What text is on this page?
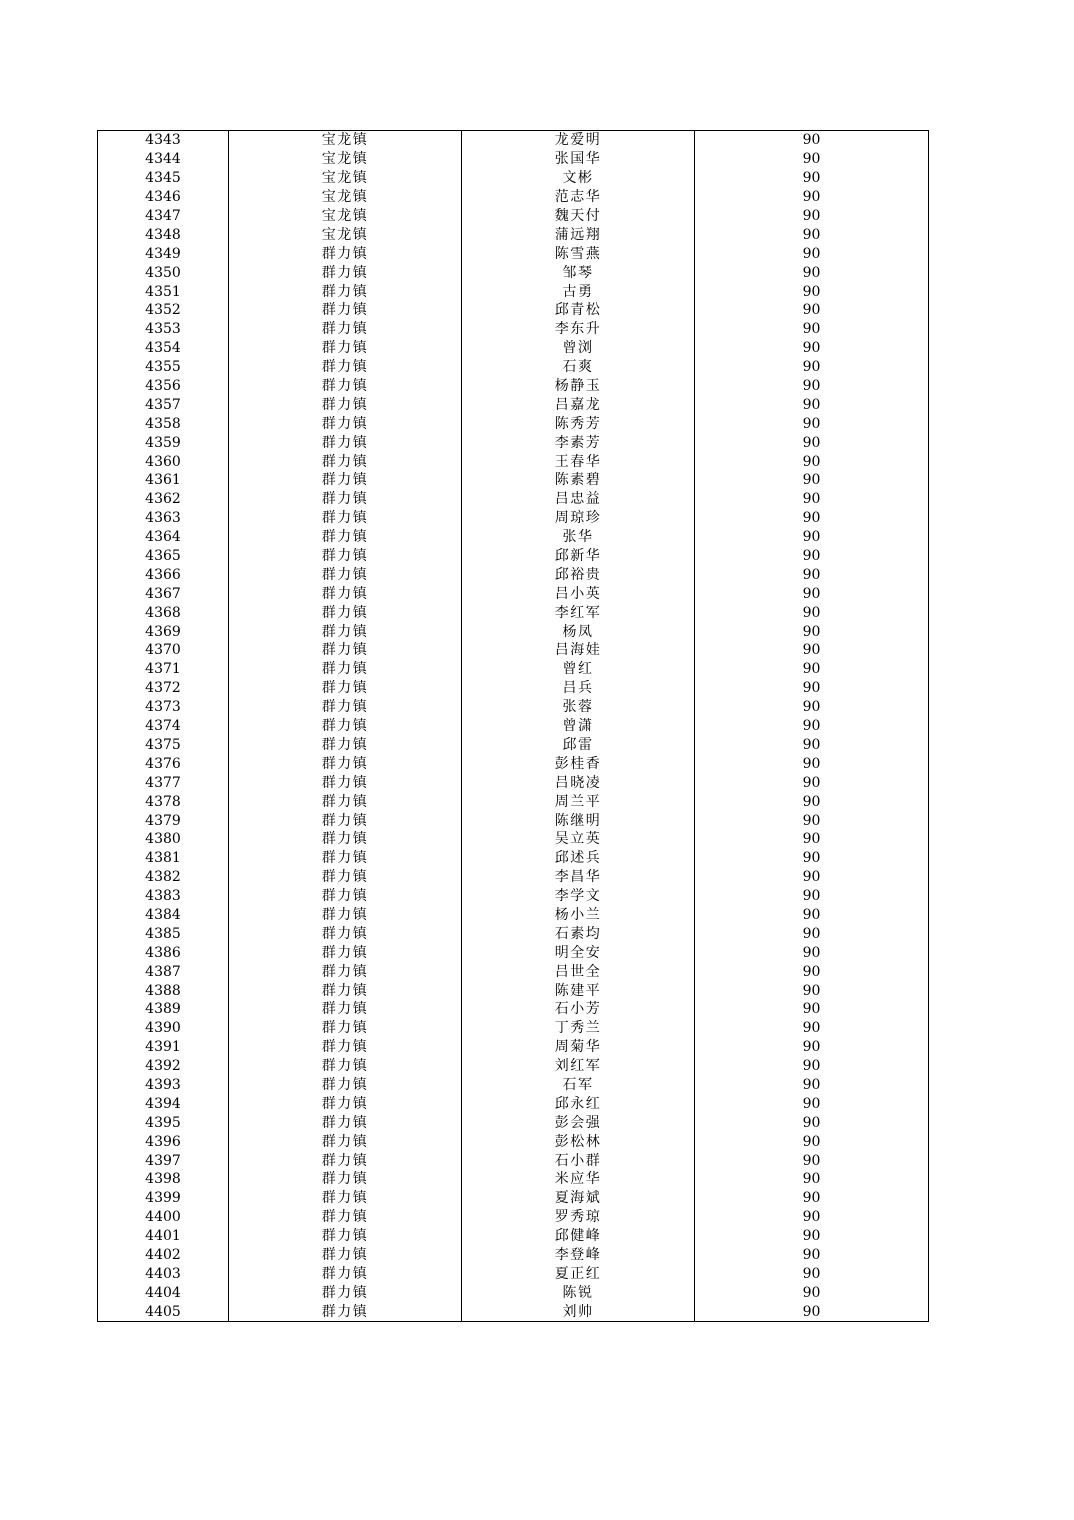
4343	宝龙镇	龙爱明	90
4344	宝龙镇	张国华	90
4345	宝龙镇	文彬	90
4346	宝龙镇	范志华	90
4347	宝龙镇	魏天付	90
4348	宝龙镇	蒲远翔	90
4349	群力镇	陈雪燕	90
4350	群力镇	邹琴	90
4351	群力镇	古勇	90
4352	群力镇	邱青松	90
4353	群力镇	李东升	90
4354	群力镇	曾浏	90
4355	群力镇	石爽	90
4356	群力镇	杨静玉	90
4357	群力镇	吕嘉龙	90
4358	群力镇	陈秀芳	90
4359	群力镇	李素芳	90
4360	群力镇	王春华	90
4361	群力镇	陈素碧	90
4362	群力镇	吕忠益	90
4363	群力镇	周琼珍	90
4364	群力镇	张华	90
4365	群力镇	邱新华	90
4366	群力镇	邱裕贵	90
4367	群力镇	吕小英	90
4368	群力镇	李红军	90
4369	群力镇	杨凤	90
4370	群力镇	吕海娃	90
4371	群力镇	曾红	90
4372	群力镇	吕兵	90
4373	群力镇	张蓉	90
4374	群力镇	曾潇	90
4375	群力镇	邱雷	90
4376	群力镇	彭桂香	90
4377	群力镇	吕晓凌	90
4378	群力镇	周兰平	90
4379	群力镇	陈继明	90
4380	群力镇	吴立英	90
4381	群力镇	邱述兵	90
4382	群力镇	李昌华	90
4383	群力镇	李学文	90
4384	群力镇	杨小兰	90
4385	群力镇	石素均	90
4386	群力镇	明全安	90
4387	群力镇	吕世全	90
4388	群力镇	陈建平	90
4389	群力镇	石小芳	90
4390	群力镇	丁秀兰	90
4391	群力镇	周菊华	90
4392	群力镇	刘红军	90
4393	群力镇	石军	90
4394	群力镇	邱永红	90
4395	群力镇	彭会强	90
4396	群力镇	彭松林	90
4397	群力镇	石小群	90
4398	群力镇	米应华	90
4399	群力镇	夏海斌	90
4400	群力镇	罗秀琼	90
4401	群力镇	邱健峰	90
4402	群力镇	李登峰	90
4403	群力镇	夏正红	90
4404	群力镇	陈锐	90
4405	群力镇	刘帅	90
